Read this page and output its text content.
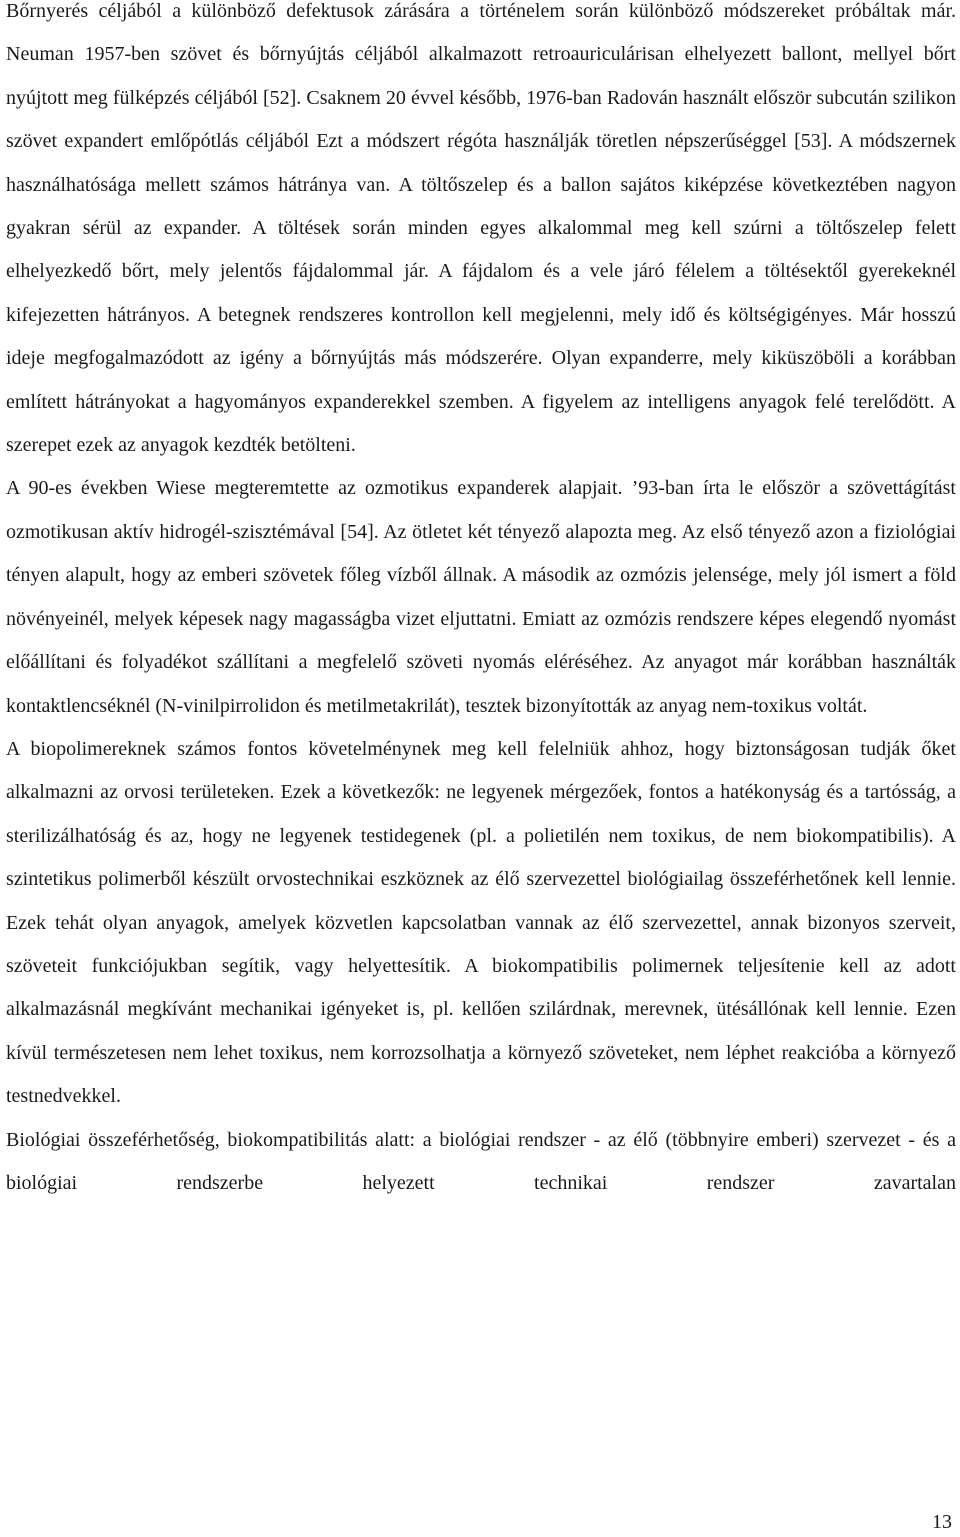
Bőrnyerés céljából a különböző defektusok zárására a történelem során különböző módszereket próbáltak már. Neuman 1957-ben szövet és bőrnyújtás céljából alkalmazott retroauriculárisan elhelyezett ballont, mellyel bőrt nyújtott meg fülképzés céljából [52]. Csaknem 20 évvel később, 1976-ban Radován használt először subcután szilikon szövet expandert emlőpótlás céljából Ezt a módszert régóta használják töretlen népszerűséggel [53]. A módszernek használhatósága mellett számos hátránya van. A töltőszelep és a ballon sajátos kiképzése következtében nagyon gyakran sérül az expander. A töltések során minden egyes alkalommal meg kell szúrni a töltőszelep felett elhelyezkedő bőrt, mely jelentős fájdalommal jár. A fájdalom és a vele járó félelem a töltésektől gyerekeknél kifejezetten hátrányos. A betegnek rendszeres kontrollon kell megjelenni, mely idő és költségigényes. Már hosszú ideje megfogalmazódott az igény a bőrnyújtás más módszerére. Olyan expanderre, mely kiküszöböli a korábban említett hátrányokat a hagyományos expanderekkel szemben. A figyelem az intelligens anyagok felé terelődött. A szerepet ezek az anyagok kezdték betölteni.

A 90-es években Wiese megteremtette az ozmotikus expanderek alapjait. ’93-ban írta le először a szövettágítást ozmotikusan aktív hidrogél-szisztémával [54]. Az ötletet két tényező alapozta meg. Az első tényező azon a fiziológiai tényen alapult, hogy az emberi szövetek főleg vízből állnak. A második az ozmózis jelensége, mely jól ismert a föld növényeinél, melyek képesek nagy magasságba vizet eljuttatni. Emiatt az ozmózis rendszere képes elegendő nyomást előállítani és folyadékot szállítani a megfelelő szöveti nyomás eléréséhez. Az anyagot már korábban használták kontaktlencséknél (N-vinilpirrolidon és metilmetakrilát), tesztek bizonyították az anyag nem-toxikus voltát.

A biopolimereknek számos fontos követelménynek meg kell felelniük ahhoz, hogy biztonságosan tudják őket alkalmazni az orvosi területeken. Ezek a következők: ne legyenek mérgezőek, fontos a hatékonyság és a tartósság, a sterilizálhatóság és az, hogy ne legyenek testidegenek (pl. a polietilén nem toxikus, de nem biokompatibilis). A szintetikus polimerből készült orvostechnikai eszköznek az élő szervezettel biológiailag összeférhetőnek kell lennie. Ezek tehát olyan anyagok, amelyek közvetlen kapcsolatban vannak az élő szervezettel, annak bizonyos szerveit, szöveteit funkciójukban segítik, vagy helyettesítik. A biokompatibilis polimernek teljesítenie kell az adott alkalmazásnál megkívánt mechanikai igényeket is, pl. kellően szilárdnak, merevnek, ütésállónak kell lennie. Ezen kívül természetesen nem lehet toxikus, nem korrozsolhatja a környező szöveteket, nem léphet reakcióba a környező testnedvekkel.

Biológiai összeférhetőség, biokompatibilitás alatt: a biológiai rendszer - az élő (többnyire emberi) szervezet - és a biológiai rendszerbe helyezett technikai rendszer zavartalan

13
